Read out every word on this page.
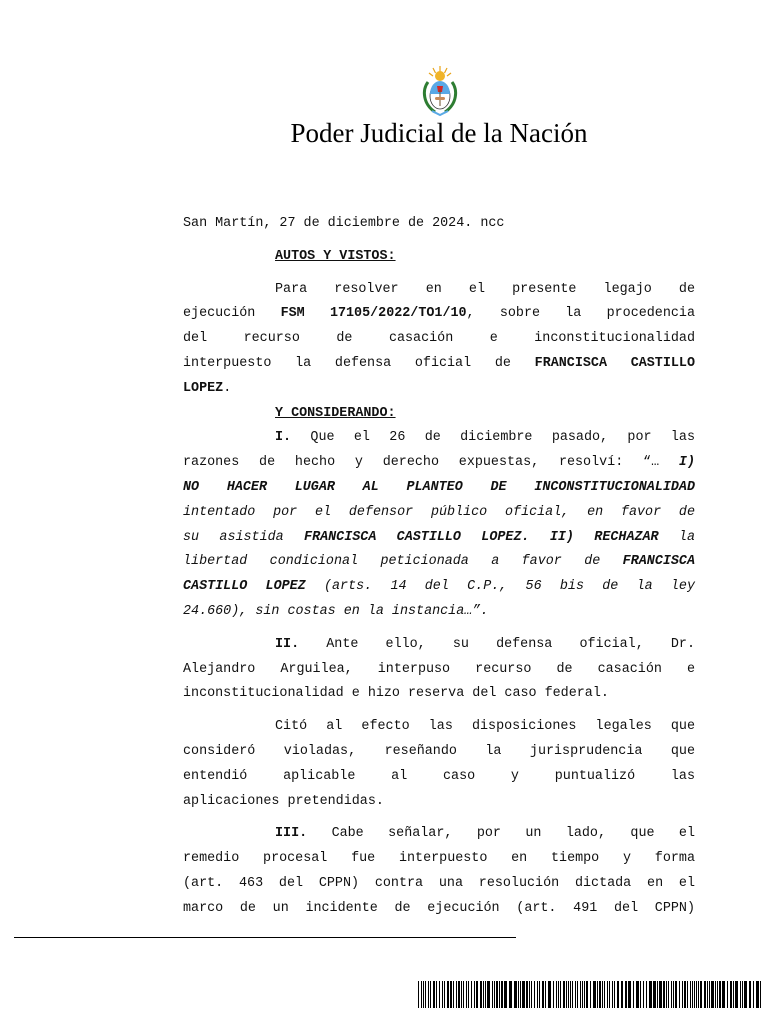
Poder Judicial de la Nación
San Martín, 27 de diciembre de 2024. ncc
AUTOS Y VISTOS:
Para resolver en el presente legajo de
ejecución FSM 17105/2022/TO1/10, sobre la procedencia
del recurso de casación e inconstitucionalidad
interpuesto la defensa oficial de FRANCISCA CASTILLO
LOPEZ.
Y CONSIDERANDO:
I. Que el 26 de diciembre pasado, por las
razones de hecho y derecho expuestas, resolví: “… I)
NO HACER LUGAR AL PLANTEO DE INCONSTITUCIONALIDAD
intentado por el defensor público oficial, en favor de
su asistida FRANCISCA CASTILLO LOPEZ. II) RECHAZAR la
libertad condicional peticionada a favor de FRANCISCA
CASTILLO LOPEZ (arts. 14 del C.P., 56 bis de la ley
24.660), sin costas en la instancia…”.
II. Ante ello, su defensa oficial, Dr.
Alejandro Arguilea, interpuso recurso de casación e
inconstitucionalidad e hizo reserva del caso federal.
Citó al efecto las disposiciones legales que
consideró violadas, reseñando la jurisprudencia que
entendió aplicable al caso y puntualizó las
aplicaciones pretendidas.
III. Cabe señalar, por un lado, que el
remedio procesal fue interpuesto en tiempo y forma
(art. 463 del CPPN) contra una resolución dictada en el
marco de un incidente de ejecución (art. 491 del CPPN)
